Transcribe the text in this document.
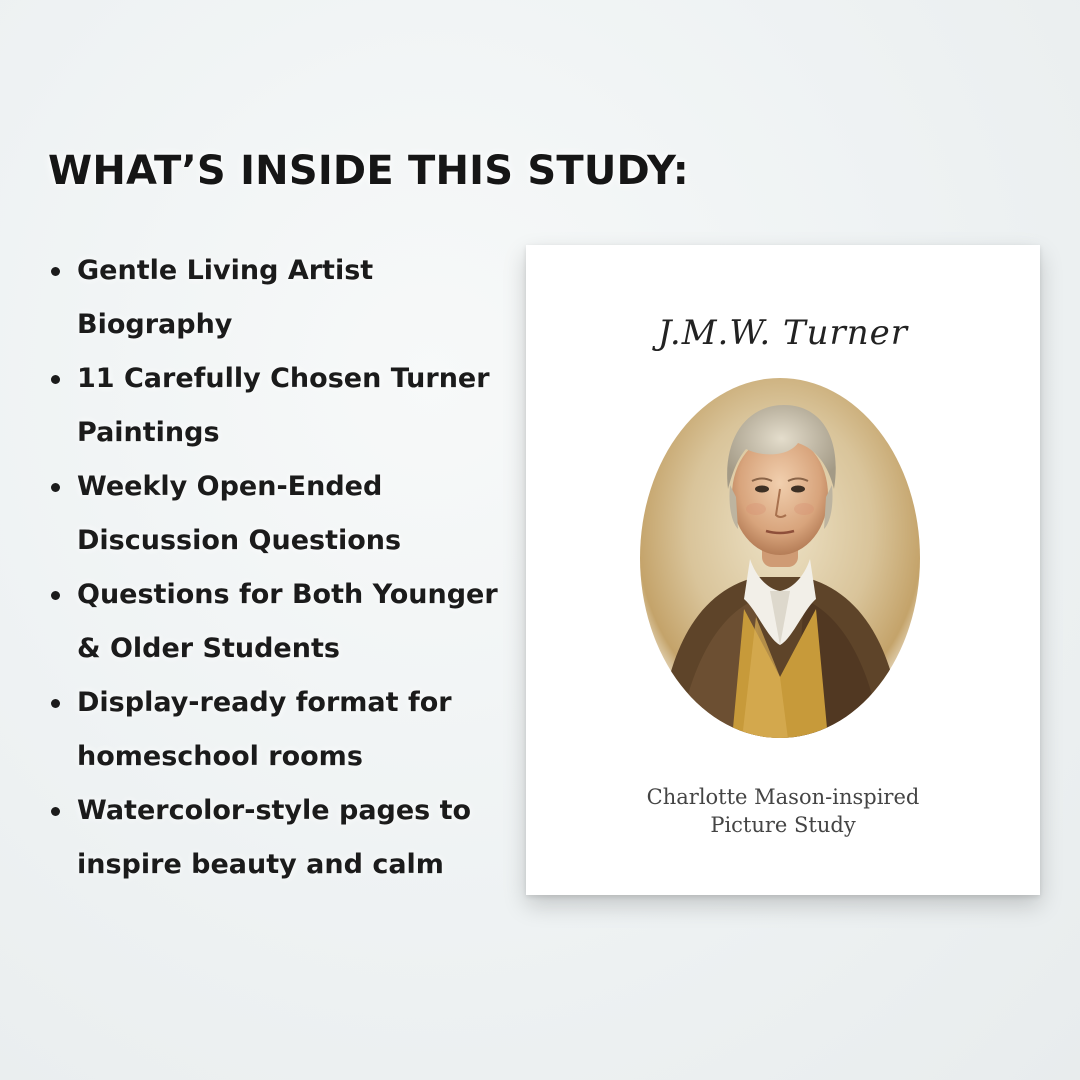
WHAT’S INSIDE THIS STUDY:
Gentle Living Artist
Biography
11 Carefully Chosen Turner
Paintings
Weekly Open-Ended
Discussion Questions
Questions for Both Younger
& Older Students
Display-ready format for
homeschool rooms
Watercolor-style pages to
inspire beauty and calm
J.M.W. Turner
Charlotte Mason-inspired
Picture Study
